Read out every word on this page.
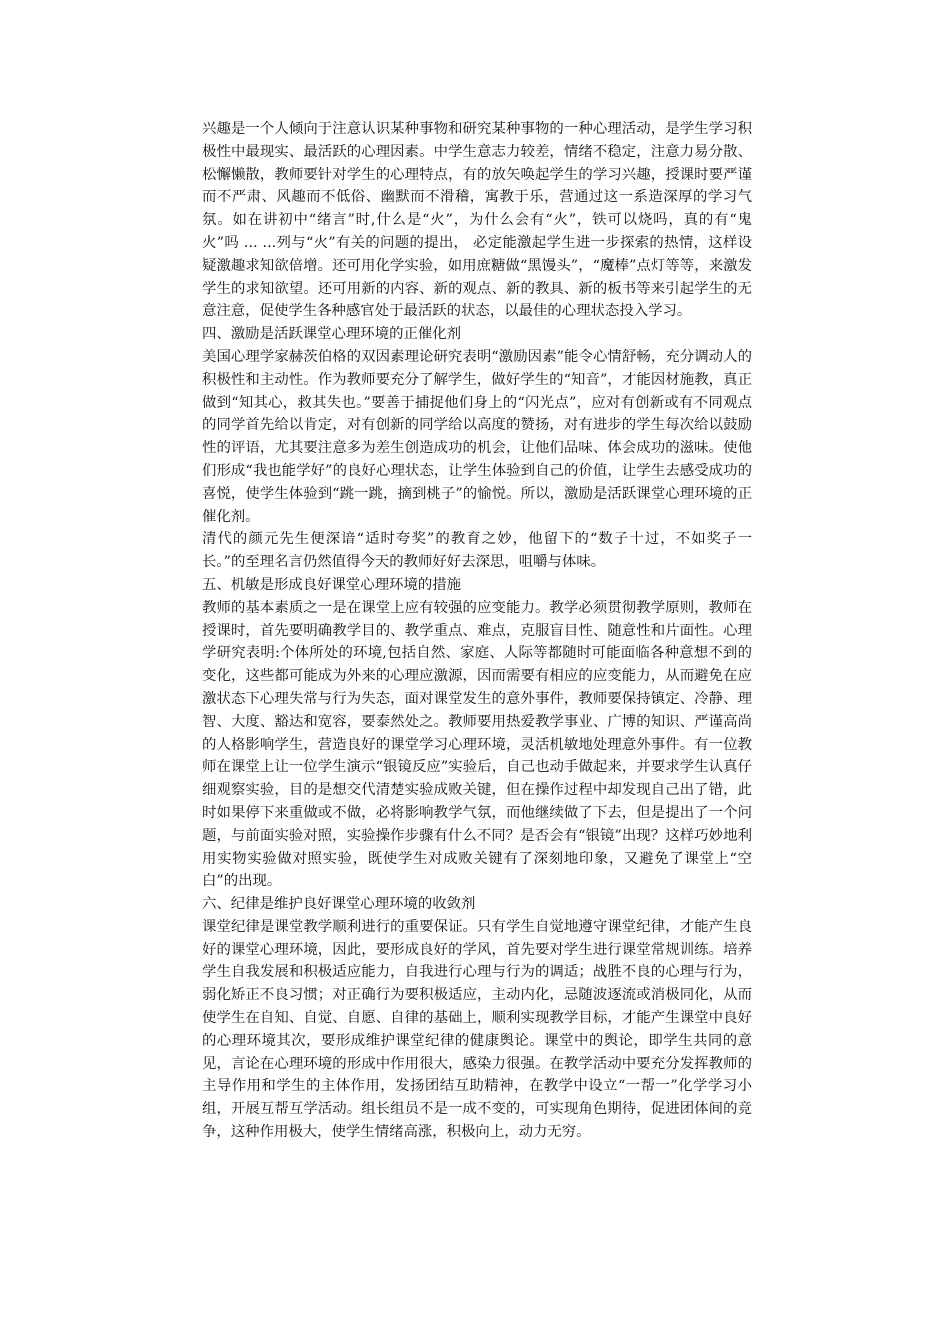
兴趣是一个人倾向于注意认识某种事物和研究某种事物的一种心理活动，是学生学习积极性中最现实、最活跃的心理因素。中学生意志力较差，情绪不稳定，注意力易分散、松懈懒散，教师要针对学生的心理特点，有的放矢唤起学生的学习兴趣，授课时要严谨而不严肃、风趣而不低俗、幽默而不滑稽，寓教于乐，营通过这一系造深厚的学习气氛。如在讲初中“绪言”时,什么是“火”，为什么会有“火”，铁可以烧吗，真的有“鬼火”吗 ... ...列与“火”有关的问题的提出， 必定能激起学生进一步探索的热情，这样设疑激趣求知欲倍增。还可用化学实验，如用庶糖做“黑馒头”，“魔棒”点灯等等，来激发学生的求知欲望。还可用新的内容、新的观点、新的教具、新的板书等来引起学生的无意注意，促使学生各种感官处于最活跃的状态，以最佳的心理状态投入学习。

四、激励是活跃课堂心理环境的正催化剂

美国心理学家赫茨伯格的双因素理论研究表明“激励因素”能令心情舒畅，充分调动人的积极性和主动性。作为教师要充分了解学生，做好学生的“知音”，才能因材施教，真正做到“知其心，救其失也。”要善于捕捉他们身上的“闪光点”，应对有创新或有不同观点的同学首先给以肯定，对有创新的同学给以高度的赞扬，对有进步的学生每次给以鼓励性的评语，尤其要注意多为差生创造成功的机会，让他们品味、体会成功的滋味。使他们形成“我也能学好”的良好心理状态，让学生体验到自己的价值，让学生去感受成功的喜悦，使学生体验到“跳一跳，摘到桃子”的愉悦。所以，激励是活跃课堂心理环境的正催化剂。

清代的颜元先生便深谙“适时夸奖”的教育之妙，他留下的“数子十过，不如奖子一长。”的至理名言仍然值得今天的教师好好去深思，咀嚼与体味。

五、机敏是形成良好课堂心理环境的措施

教师的基本素质之一是在课堂上应有较强的应变能力。教学必须贯彻教学原则，教师在授课时，首先要明确教学目的、教学重点、难点，克服盲目性、随意性和片面性。心理学研究表明:个体所处的环境,包括自然、家庭、人际等都随时可能面临各种意想不到的变化，这些都可能成为外来的心理应激源，因而需要有相应的应变能力，从而避免在应激状态下心理失常与行为失态，面对课堂发生的意外事件，教师要保持镇定、冷静、理智、大度、豁达和宽容，要泰然处之。教师要用热爱教学事业、广博的知识、严谨高尚的人格影响学生，营造良好的课堂学习心理环境，灵活机敏地处理意外事件。有一位教师在课堂上让一位学生演示“银镜反应”实验后，自己也动手做起来，并要求学生认真仔细观察实验，目的是想交代清楚实验成败关键，但在操作过程中却发现自己出了错，此时如果停下来重做或不做，必将影响教学气氛，而他继续做了下去，但是提出了一个问题，与前面实验对照，实验操作步骤有什么不同？是否会有“银镜”出现？这样巧妙地利用实物实验做对照实验，既使学生对成败关键有了深刻地印象，又避免了课堂上“空白”的出现。

六、纪律是维护良好课堂心理环境的收敛剂

课堂纪律是课堂教学顺利进行的重要保证。只有学生自觉地遵守课堂纪律，才能产生良好的课堂心理环境，因此，要形成良好的学风，首先要对学生进行课堂常规训练。培养学生自我发展和积极适应能力，自我进行心理与行为的调适；战胜不良的心理与行为，弱化矫正不良习惯；对正确行为要积极适应，主动内化，忌随波逐流或消极同化，从而使学生在自知、自觉、自愿、自律的基础上，顺利实现教学目标，才能产生课堂中良好的心理环境其次，要形成维护课堂纪律的健康舆论。课堂中的舆论，即学生共同的意见，言论在心理环境的形成中作用很大，感染力很强。在教学活动中要充分发挥教师的主导作用和学生的主体作用，发扬团结互助精神，在教学中设立“一帮一”化学学习小组，开展互帮互学活动。组长组员不是一成不变的，可实现角色期待，促进团体间的竞争，这种作用极大，使学生情绪高涨，积极向上，动力无穷。
